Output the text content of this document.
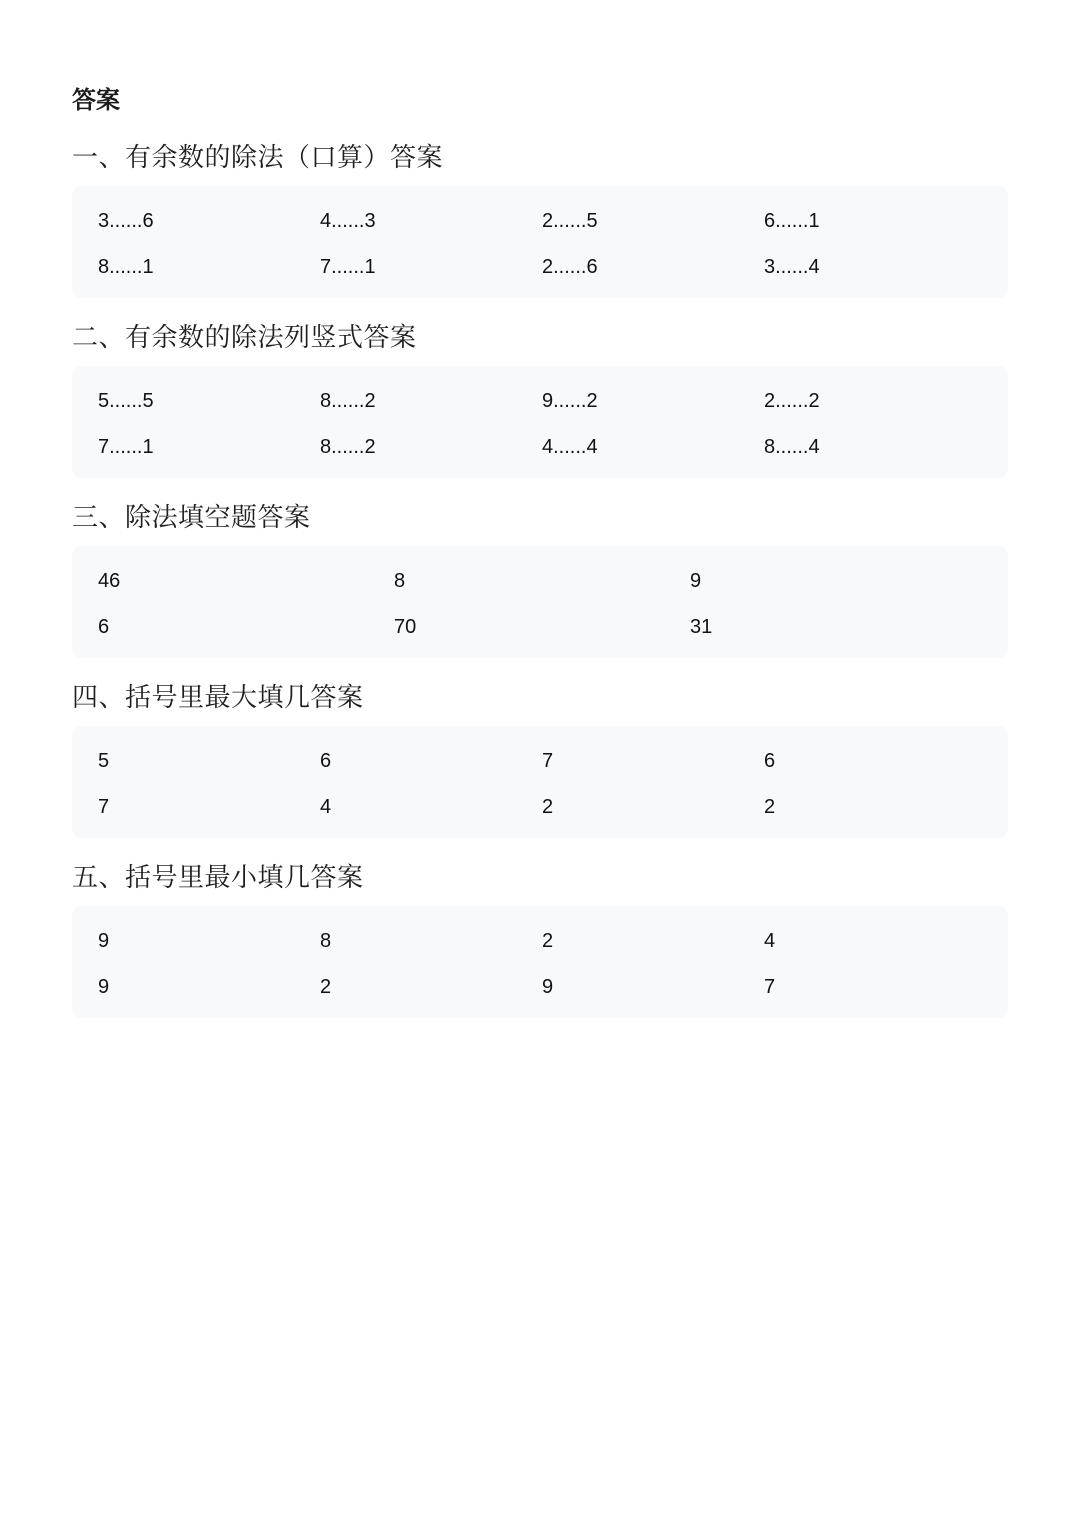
答案
一、有余数的除法（口算）答案
3......6	4......3	2......5	6......1
8......1	7......1	2......6	3......4
二、有余数的除法列竖式答案
5......5	8......2	9......2	2......2
7......1	8......2	4......4	8......4
三、除法填空题答案
46	8	9
6	70	31
四、括号里最大填几答案
5	6	7	6
7	4	2	2
五、括号里最小填几答案
9	8	2	4
9	2	9	7
